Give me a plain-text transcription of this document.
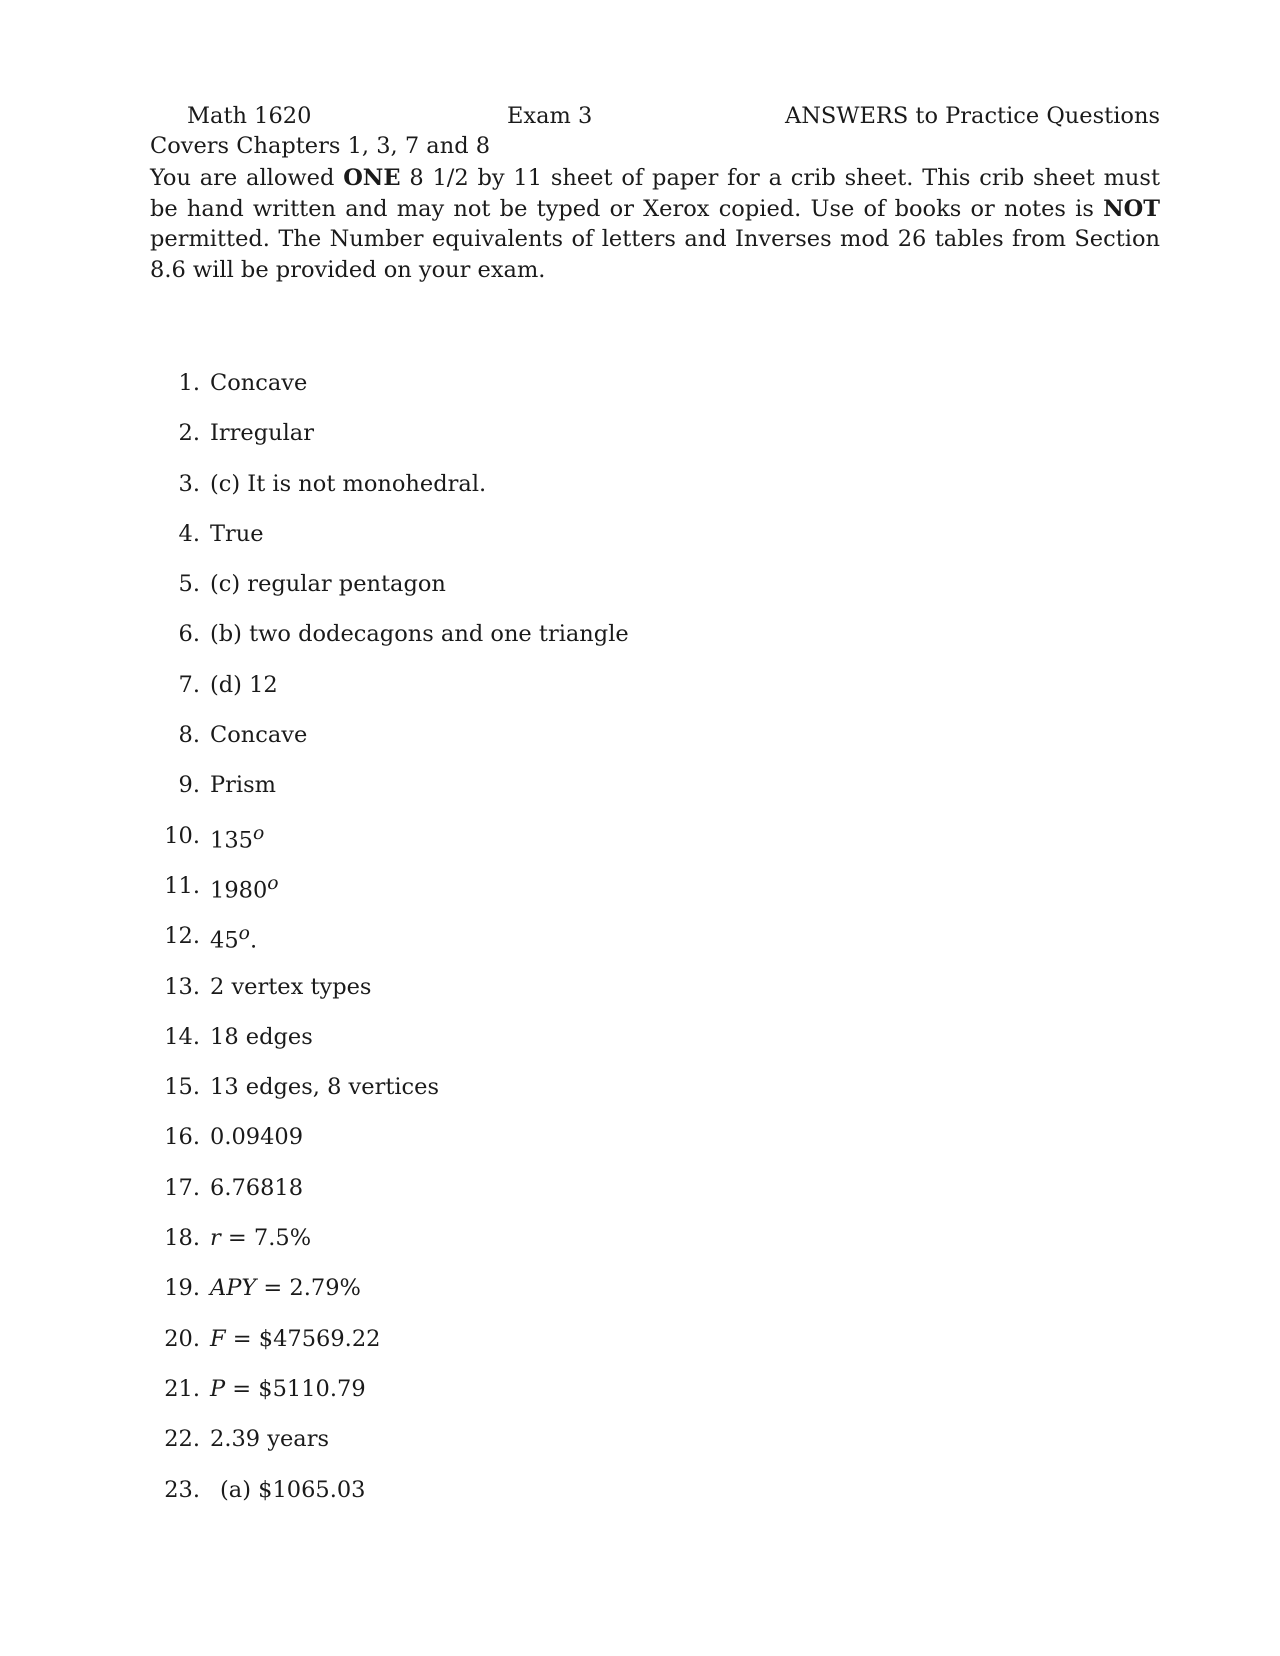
Math 1620	Exam 3	ANSWERS to Practice Questions
Covers Chapters 1, 3, 7 and 8
You are allowed ONE 8 1/2 by 11 sheet of paper for a crib sheet. This crib sheet must be hand written and may not be typed or Xerox copied. Use of books or notes is NOT permitted. The Number equivalents of letters and Inverses mod 26 tables from Section 8.6 will be provided on your exam.
1. Concave
2. Irregular
3. (c) It is not monohedral.
4. True
5. (c) regular pentagon
6. (b) two dodecagons and one triangle
7. (d) 12
8. Concave
9. Prism
10. 135$^o$
11. 1980$^o$
12. 45$^o$.
13. 2 vertex types
14. 18 edges
15. 13 edges, 8 vertices
16. 0.09409
17. 6.76818
18. r = 7.5%
19. APY = 2.79%
20. F = $47569.22
21. P = $5110.79
22. 2.39 years
23. (a) $1065.03
